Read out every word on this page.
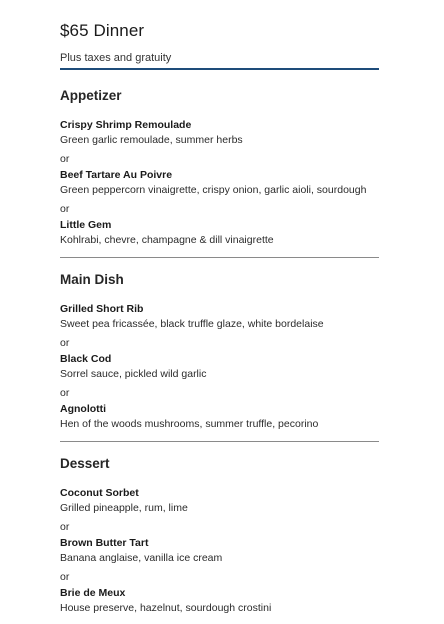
$65 Dinner
Plus taxes and gratuity
Appetizer
Crispy Shrimp Remoulade
Green garlic remoulade, summer herbs
or
Beef Tartare Au Poivre
Green peppercorn vinaigrette, crispy onion, garlic aioli, sourdough
or
Little Gem
Kohlrabi, chevre, champagne & dill vinaigrette
Main Dish
Grilled Short Rib
Sweet pea fricassée, black truffle glaze, white bordelaise
or
Black Cod
Sorrel sauce, pickled wild garlic
or
Agnolotti
Hen of the woods mushrooms, summer truffle, pecorino
Dessert
Coconut Sorbet
Grilled pineapple, rum, lime
or
Brown Butter Tart
Banana anglaise, vanilla ice cream
or
Brie de Meux
House preserve, hazelnut, sourdough crostini
